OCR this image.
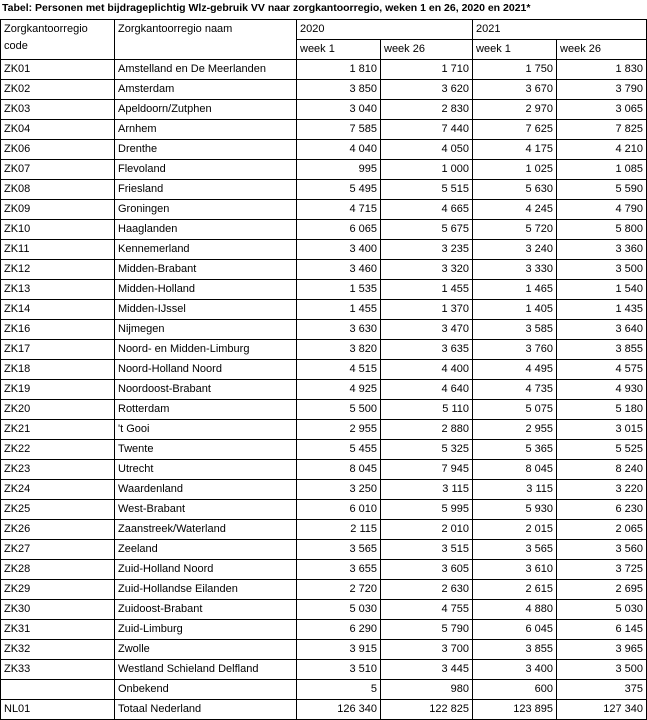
Tabel: Personen met bijdrageplichtig Wlz-gebruik VV naar zorgkantoorregio, weken 1 en 26, 2020 en 2021*
Zorgkantoorregio code	Zorgkantoorregio naam	2020		2021	
		week 1	week 26	week 1	week 26
ZK01	Amstelland en De Meerlanden	1 810	1 710	1 750	1 830
ZK02	Amsterdam	3 850	3 620	3 670	3 790
ZK03	Apeldoorn/Zutphen	3 040	2 830	2 970	3 065
ZK04	Arnhem	7 585	7 440	7 625	7 825
ZK06	Drenthe	4 040	4 050	4 175	4 210
ZK07	Flevoland	995	1 000	1 025	1 085
ZK08	Friesland	5 495	5 515	5 630	5 590
ZK09	Groningen	4 715	4 665	4 245	4 790
ZK10	Haaglanden	6 065	5 675	5 720	5 800
ZK11	Kennemerland	3 400	3 235	3 240	3 360
ZK12	Midden-Brabant	3 460	3 320	3 330	3 500
ZK13	Midden-Holland	1 535	1 455	1 465	1 540
ZK14	Midden-IJssel	1 455	1 370	1 405	1 435
ZK16	Nijmegen	3 630	3 470	3 585	3 640
ZK17	Noord- en Midden-Limburg	3 820	3 635	3 760	3 855
ZK18	Noord-Holland Noord	4 515	4 400	4 495	4 575
ZK19	Noordoost-Brabant	4 925	4 640	4 735	4 930
ZK20	Rotterdam	5 500	5 110	5 075	5 180
ZK21	't Gooi	2 955	2 880	2 955	3 015
ZK22	Twente	5 455	5 325	5 365	5 525
ZK23	Utrecht	8 045	7 945	8 045	8 240
ZK24	Waardenland	3 250	3 115	3 115	3 220
ZK25	West-Brabant	6 010	5 995	5 930	6 230
ZK26	Zaanstreek/Waterland	2 115	2 010	2 015	2 065
ZK27	Zeeland	3 565	3 515	3 565	3 560
ZK28	Zuid-Holland Noord	3 655	3 605	3 610	3 725
ZK29	Zuid-Hollandse Eilanden	2 720	2 630	2 615	2 695
ZK30	Zuidoost-Brabant	5 030	4 755	4 880	5 030
ZK31	Zuid-Limburg	6 290	5 790	6 045	6 145
ZK32	Zwolle	3 915	3 700	3 855	3 965
ZK33	Westland Schieland Delfland	3 510	3 445	3 400	3 500
	Onbekend	5	980	600	375
NL01	Totaal Nederland	126 340	122 825	123 895	127 340
